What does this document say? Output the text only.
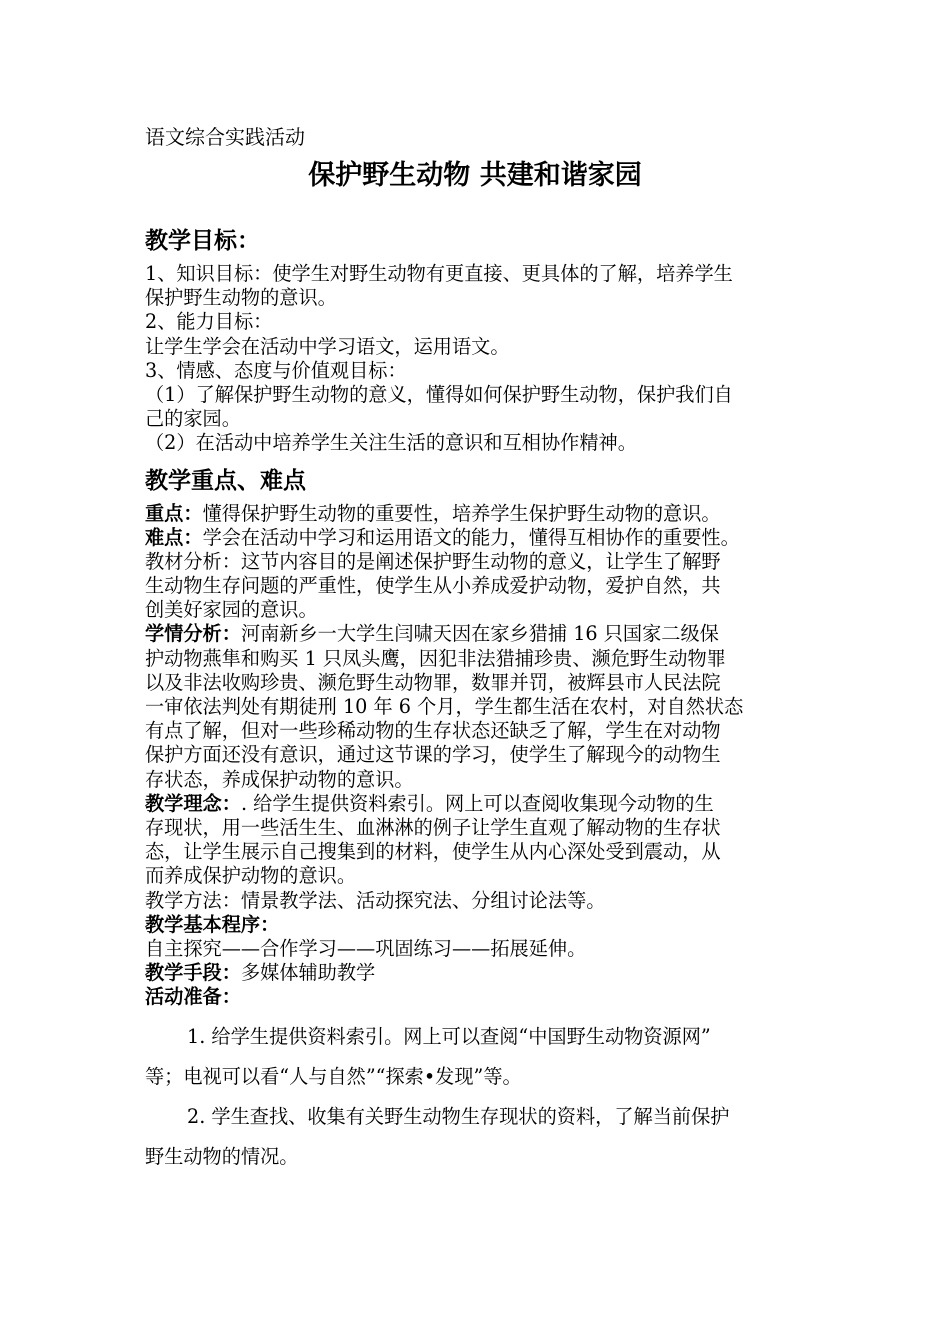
语文综合实践活动
保护野生动物 共建和谐家园
教学目标：
1、知识目标：使学生对野生动物有更直接、更具体的了解，培养学生
保护野生动物的意识。
2、能力目标：
让学生学会在活动中学习语文，运用语文。
3、情感、态度与价值观目标：
（1）了解保护野生动物的意义，懂得如何保护野生动物，保护我们自
己的家园。
（2）在活动中培养学生关注生活的意识和互相协作精神。
教学重点、难点
重点：懂得保护野生动物的重要性，培养学生保护野生动物的意识。
难点：学会在活动中学习和运用语文的能力，懂得互相协作的重要性。
教材分析：这节内容目的是阐述保护野生动物的意义，让学生了解野
生动物生存问题的严重性，使学生从小养成爱护动物，爱护自然，共
创美好家园的意识。
学情分析：河南新乡一大学生闫啸天因在家乡猎捕 16 只国家二级保
护动物燕隼和购买 1 只凤头鹰，因犯非法猎捕珍贵、濒危野生动物罪
以及非法收购珍贵、濒危野生动物罪，数罪并罚，被辉县市人民法院
一审依法判处有期徒刑 10 年 6 个月，学生都生活在农村，对自然状态
有点了解，但对一些珍稀动物的生存状态还缺乏了解，学生在对动物
保护方面还没有意识，通过这节课的学习，使学生了解现今的动物生
存状态，养成保护动物的意识。
教学理念：. 给学生提供资料索引。网上可以查阅收集现今动物的生
存现状，用一些活生生、血淋淋的例子让学生直观了解动物的生存状
态，让学生展示自己搜集到的材料，使学生从内心深处受到震动，从
而养成保护动物的意识。
教学方法：情景教学法、活动探究法、分组讨论法等。
教学基本程序：
自主探究——合作学习——巩固练习——拓展延伸。
教学手段：多媒体辅助教学
活动准备：
1. 给学生提供资料索引。网上可以查阅“中国野生动物资源网”
等；电视可以看“人与自然”“探索•发现”等。
2. 学生查找、收集有关野生动物生存现状的资料，了解当前保护
野生动物的情况。
